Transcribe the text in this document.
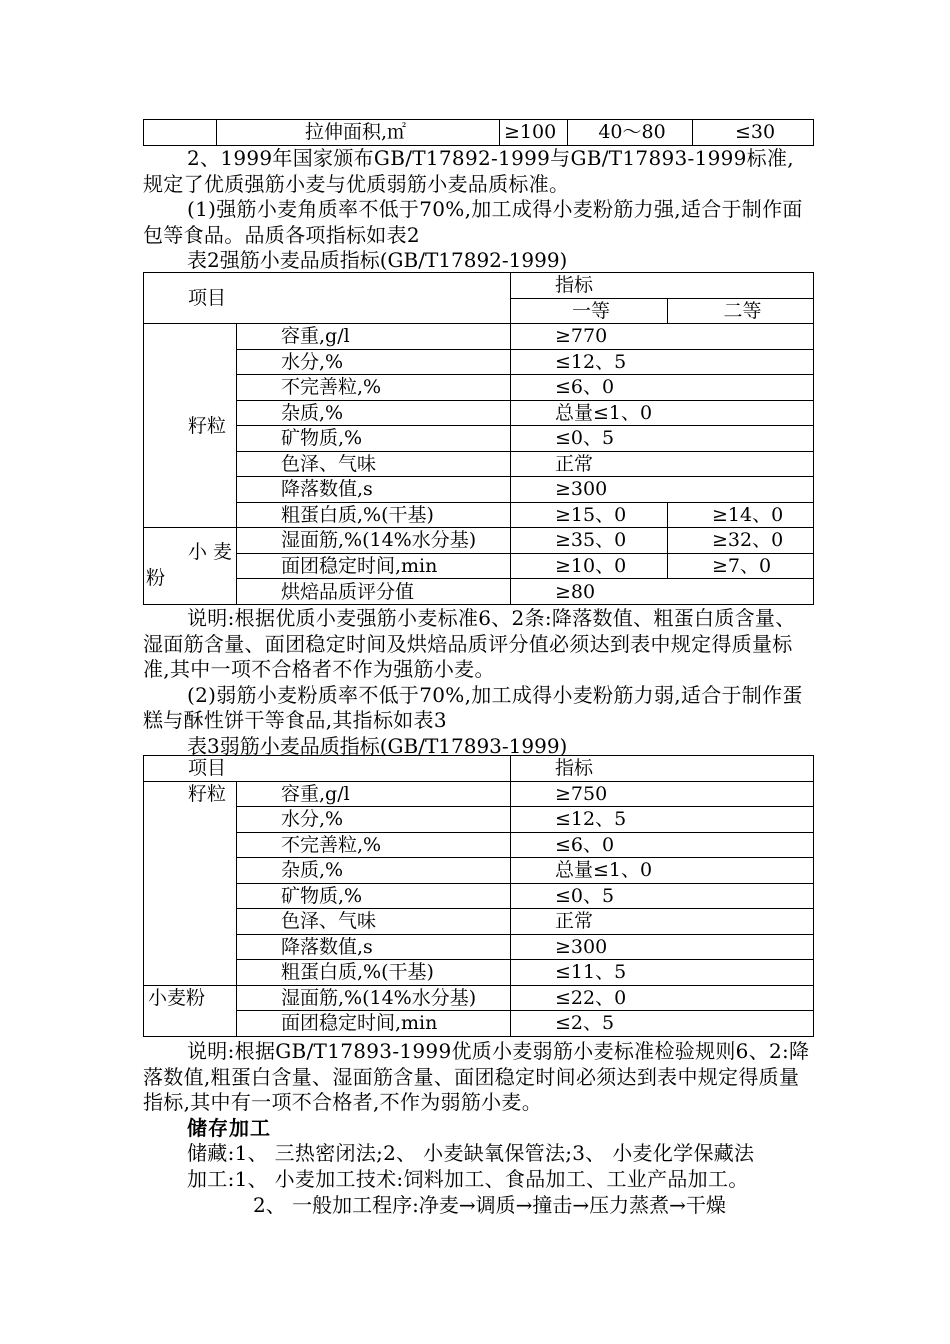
	拉伸面积,㎡	≥100	40～80	≤30

2、1999年国家颁布GB/T17892-1999与GB/T17893-1999标准,规定了优质强筋小麦与优质弱筋小麦品质标准。

(1)强筋小麦角质率不低于70%,加工成得小麦粉筋力强,适合于制作面包等食品。品质各项指标如表2

表2强筋小麦品质指标(GB/T17892-1999)

项目		指标	
		一等	二等
籽粒	容重,g/l	≥770	
	水分,%	≤12、5	
	不完善粒,%	≤6、0	
	杂质,%	总量≤1、0	
	矿物质,%	≤0、5	
	色泽、气味	正常	
	降落数值,s	≥300	
	粗蛋白质,%(干基)	≥15、0	≥14、0

小 麦
粉	湿面筋,%(14%水分基)	≥35、0	≥32、0
	面团稳定时间,min	≥10、0	≥7、0
	烘焙品质评分值	≥80	

说明:根据优质小麦强筋小麦标准6、2条:降落数值、粗蛋白质含量、湿面筋含量、面团稳定时间及烘焙品质评分值必须达到表中规定得质量标准,其中一项不合格者不作为强筋小麦。

(2)弱筋小麦粉质率不低于70%,加工成得小麦粉筋力弱,适合于制作蛋糕与酥性饼干等食品,其指标如表3

表3弱筋小麦品质指标(GB/T17893-1999)

项目		指标
籽粒	容重,g/l	≥750
	水分,%	≤12、5
	不完善粒,%	≤6、0
	杂质,%	总量≤1、0
	矿物质,%	≤0、5
	色泽、气味	正常
	降落数值,s	≥300
	粗蛋白质,%(干基)	≤11、5
小麦粉	湿面筋,%(14%水分基)	≤22、0
	面团稳定时间,min	≤2、5

说明:根据GB/T17893-1999优质小麦弱筋小麦标准检验规则6、2:降落数值,粗蛋白含量、湿面筋含量、面团稳定时间必须达到表中规定得质量指标,其中有一项不合格者,不作为弱筋小麦。

储存加工

储藏:1、 三热密闭法;2、 小麦缺氧保管法;3、 小麦化学保藏法

加工:1、 小麦加工技术:饲料加工、食品加工、工业产品加工。

2、 一般加工程序:净麦→调质→撞击→压力蒸煮→干燥
